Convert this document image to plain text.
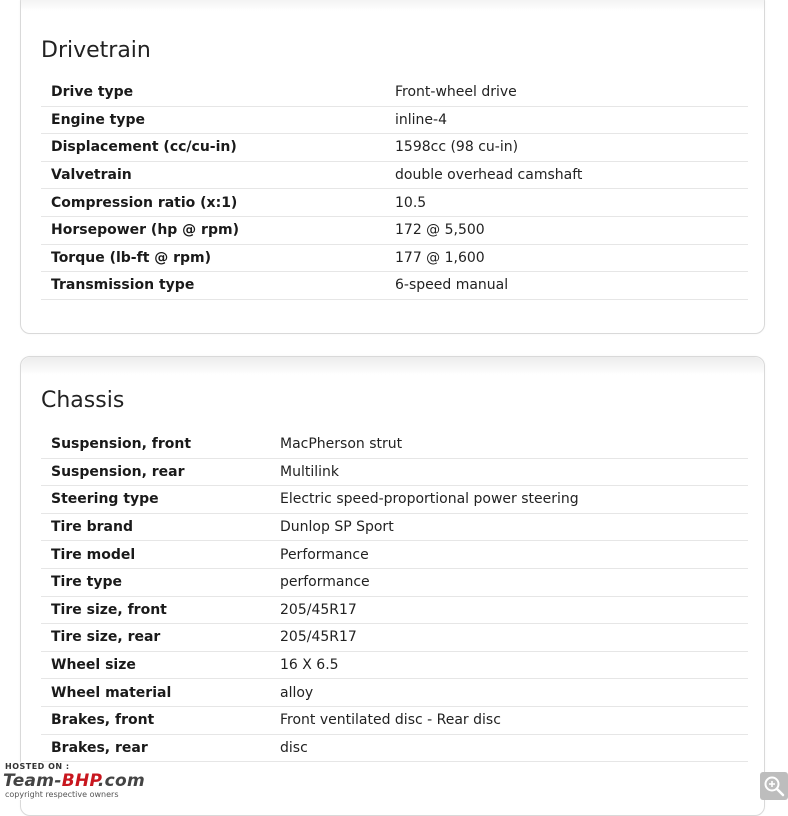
Drivetrain
Drive type	Front-wheel drive
Engine type	inline-4
Displacement (cc/cu-in)	1598cc (98 cu-in)
Valvetrain	double overhead camshaft
Compression ratio (x:1)	10.5
Horsepower (hp @ rpm)	172 @ 5,500
Torque (lb-ft @ rpm)	177 @ 1,600
Transmission type	6-speed manual
Chassis
Suspension, front	MacPherson strut
Suspension, rear	Multilink
Steering type	Electric speed-proportional power steering
Tire brand	Dunlop SP Sport
Tire model	Performance
Tire type	performance
Tire size, front	205/45R17
Tire size, rear	205/45R17
Wheel size	16 X 6.5
Wheel material	alloy
Brakes, front	Front ventilated disc - Rear disc
Brakes, rear	disc
HOSTED ON :
Team-BHP.com
copyright respective owners
